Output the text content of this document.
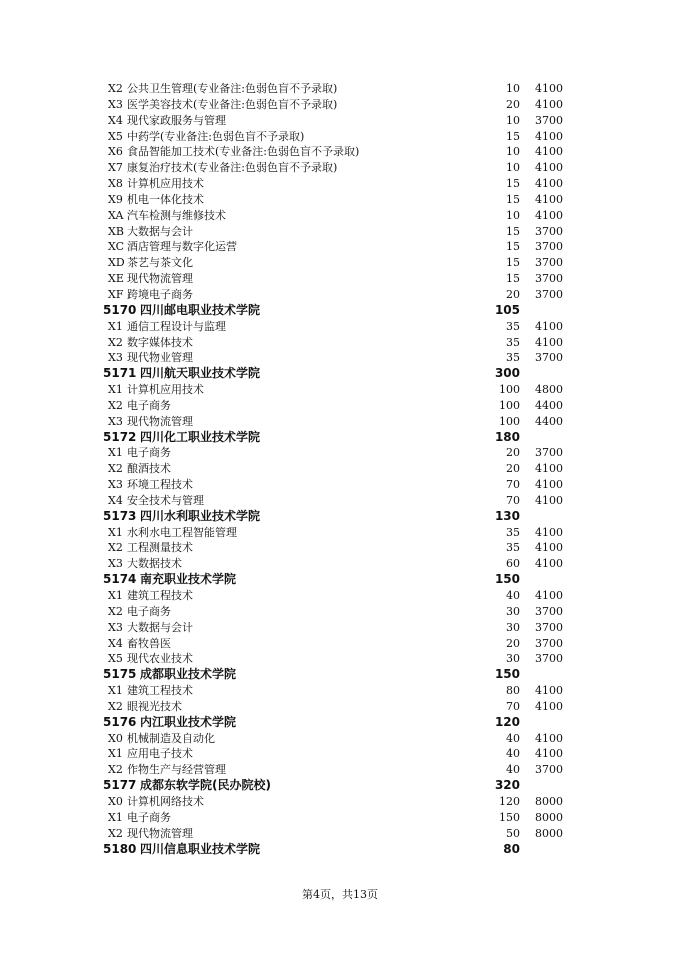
X2 公共卫生管理(专业备注:色弱色盲不予录取)	10 4100
X3 医学美容技术(专业备注:色弱色盲不予录取)	20 4100
X4 现代家政服务与管理	10 3700
X5 中药学(专业备注:色弱色盲不予录取)	15 4100
X6 食品智能加工技术(专业备注:色弱色盲不予录取)	10 4100
X7 康复治疗技术(专业备注:色弱色盲不予录取)	10 4100
X8 计算机应用技术	15 4100
X9 机电一体化技术	15 4100
XA 汽车检测与维修技术	10 4100
XB 大数据与会计	15 3700
XC 酒店管理与数字化运营	15 3700
XD 茶艺与茶文化	15 3700
XE 现代物流管理	15 3700
XF 跨境电子商务	20 3700
5170 四川邮电职业技术学院	105
X1 通信工程设计与监理	35 4100
X2 数字媒体技术	35 4100
X3 现代物业管理	35 3700
5171 四川航天职业技术学院	300
X1 计算机应用技术	100 4800
X2 电子商务	100 4400
X3 现代物流管理	100 4400
5172 四川化工职业技术学院	180
X1 电子商务	20 3700
X2 酿酒技术	20 4100
X3 环境工程技术	70 4100
X4 安全技术与管理	70 4100
5173 四川水利职业技术学院	130
X1 水利水电工程智能管理	35 4100
X2 工程测量技术	35 4100
X3 大数据技术	60 4100
5174 南充职业技术学院	150
X1 建筑工程技术	40 4100
X2 电子商务	30 3700
X3 大数据与会计	30 3700
X4 畜牧兽医	20 3700
X5 现代农业技术	30 3700
5175 成都职业技术学院	150
X1 建筑工程技术	80 4100
X2 眼视光技术	70 4100
5176 内江职业技术学院	120
X0 机械制造及自动化	40 4100
X1 应用电子技术	40 4100
X2 作物生产与经营管理	40 3700
5177 成都东软学院(民办院校)	320
X0 计算机网络技术	120 8000
X1 电子商务	150 8000
X2 现代物流管理	50 8000
5180 四川信息职业技术学院	80
第4页，共13页
